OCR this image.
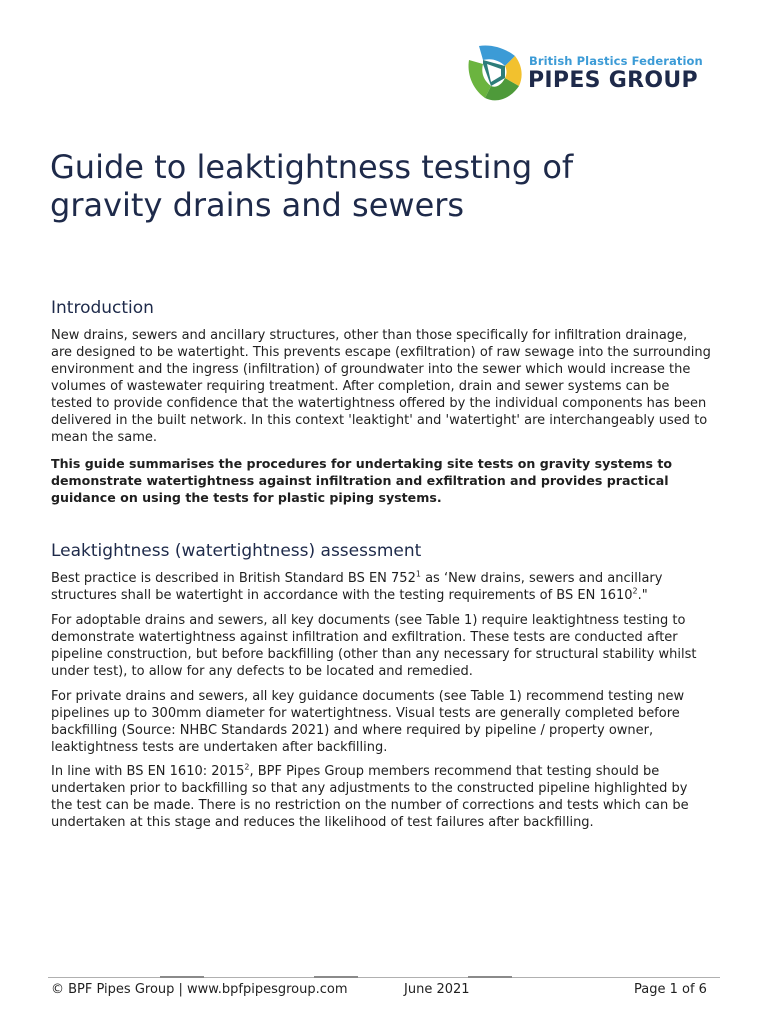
British Plastics Federation
PIPES GROUP
Guide to leaktightness testing of
gravity drains and sewers
Introduction

New drains, sewers and ancillary structures, other than those specifically for infiltration drainage, are designed to be watertight. This prevents escape (exfiltration) of raw sewage into the surrounding environment and the ingress (infiltration) of groundwater into the sewer which would increase the volumes of wastewater requiring treatment. After completion, drain and sewer systems can be tested to provide confidence that the watertightness offered by the individual components has been delivered in the built network. In this context 'leaktight' and 'watertight' are interchangeably used to mean the same.

This guide summarises the procedures for undertaking site tests on gravity systems to demonstrate watertightness against infiltration and exfiltration and provides practical guidance on using the tests for plastic piping systems.

Leaktightness (watertightness) assessment

Best practice is described in British Standard BS EN $752^1$ as ‘New drains, sewers and ancillary structures shall be watertight in accordance with the testing requirements of BS EN 1610$^2$."

For adoptable drains and sewers, all key documents (see Table 1) require leaktightness testing to demonstrate watertightness against infiltration and exfiltration. These tests are conducted after pipeline construction, but before backfilling (other than any necessary for structural stability whilst under test), to allow for any defects to be located and remedied.

For private drains and sewers, all key guidance documents (see Table 1) recommend testing new pipelines up to 300mm diameter for watertightness. Visual tests are generally completed before backfilling (Source: NHBC Standards 2021) and where required by pipeline / property owner, leaktightness tests are undertaken after backfilling.

In line with BS EN 1610: 2015$^2$, BPF Pipes Group members recommend that testing should be undertaken prior to backfilling so that any adjustments to the constructed pipeline highlighted by the test can be made. There is no restriction on the number of corrections and tests which can be undertaken at this stage and reduces the likelihood of test failures after backfilling.

© BPF Pipes Group | www.bpfpipesgroup.com	June 2021	Page 1 of 6
